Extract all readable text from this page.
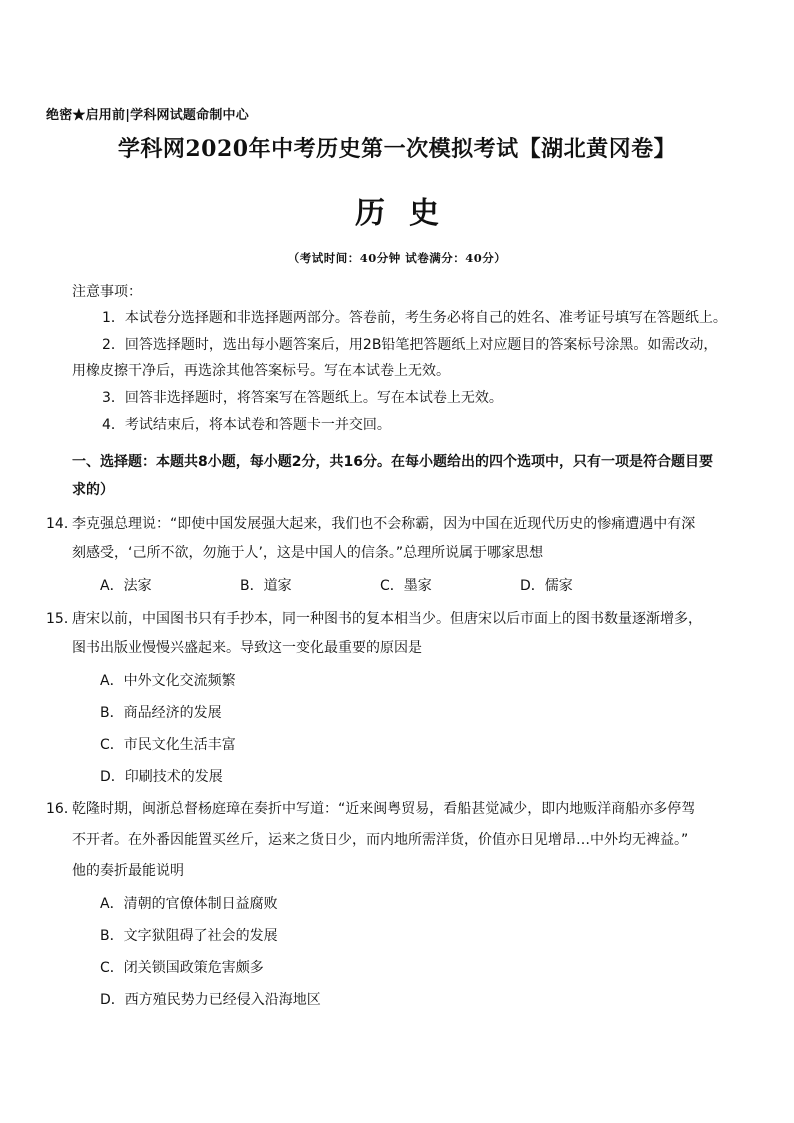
绝密★启用前|学科网试题命制中心
学科网2020年中考历史第一次模拟考试【湖北黄冈卷】
历史
（考试时间：40分钟 试卷满分：40分）
注意事项：
1．本试卷分选择题和非选择题两部分。答卷前，考生务必将自己的姓名、准考证号填写在答题纸上。
2．回答选择题时，选出每小题答案后，用2B铅笔把答题纸上对应题目的答案标号涂黑。如需改动，
用橡皮擦干净后，再选涂其他答案标号。写在本试卷上无效。
3．回答非选择题时，将答案写在答题纸上。写在本试卷上无效。
4．考试结束后，将本试卷和答题卡一并交回。
一、选择题：本题共8小题，每小题2分，共16分。在每小题给出的四个选项中，只有一项是符合题目要
求的）
14．
李克强总理说：“即使中国发展强大起来，我们也不会称霸，因为中国在近现代历史的惨痛遭遇中有深
刻感受，‘己所不欲，勿施于人’，这是中国人的信条。”总理所说属于哪家思想
A．法家	B．道家	C．墨家	D．儒家
15．
唐宋以前，中国图书只有手抄本，同一种图书的复本相当少。但唐宋以后市面上的图书数量逐渐增多，
图书出版业慢慢兴盛起来。导致这一变化最重要的原因是
A．中外文化交流频繁
B．商品经济的发展
C．市民文化生活丰富
D．印刷技术的发展
16．
乾隆时期，闽浙总督杨庭璋在奏折中写道：“近来闽粤贸易，看船甚觉减少，即内地贩洋商船亦多停驾
不开者。在外番因能置买丝斤，运来之货日少，而内地所需洋货，价值亦日见增昂…中外均无裨益。”
他的奏折最能说明
A．清朝的官僚体制日益腐败
B．文字狱阻碍了社会的发展
C．闭关锁国政策危害颇多
D．西方殖民势力已经侵入沿海地区
